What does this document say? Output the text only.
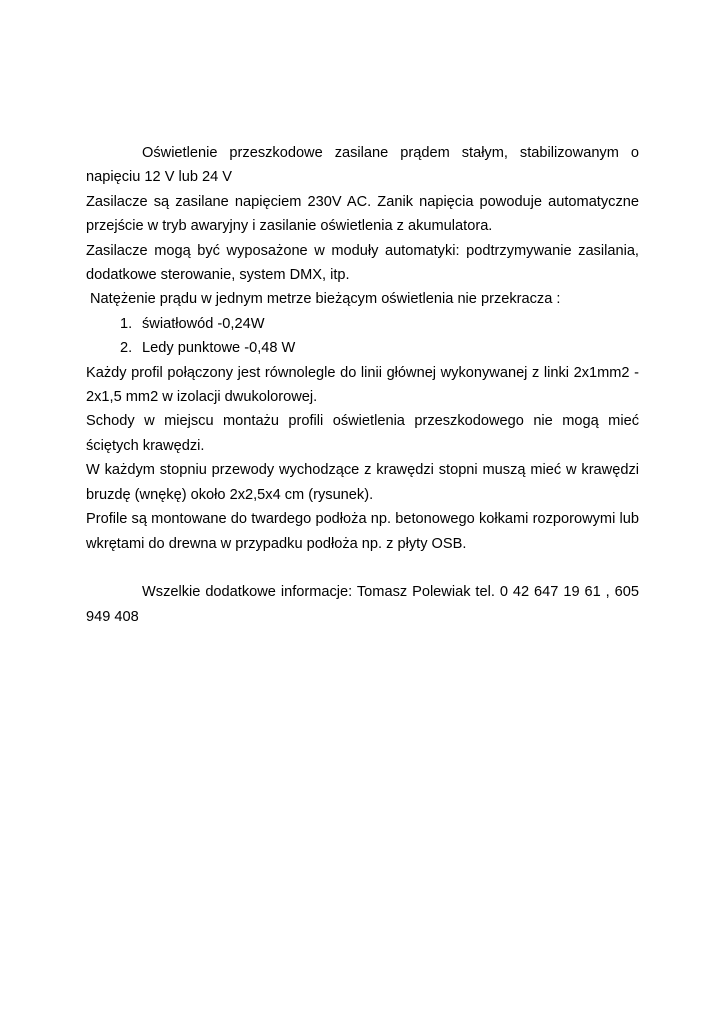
Oświetlenie przeszkodowe zasilane prądem stałym, stabilizowanym o napięciu 12 V lub 24 V

Zasilacze są zasilane napięciem 230V AC. Zanik napięcia powoduje automatyczne przejście w tryb awaryjny i zasilanie oświetlenia z akumulatora.

Zasilacze mogą być wyposażone w moduły automatyki: podtrzymywanie zasilania, dodatkowe sterowanie, system DMX, itp.

Natężenie prądu w jednym metrze bieżącym oświetlenia nie przekracza :

1. światłowód -0,24W
2. Ledy punktowe -0,48 W

Każdy profil połączony jest równolegle do linii głównej wykonywanej z linki 2x1mm2 - 2x1,5 mm2 w izolacji dwukolorowej.

Schody w miejscu montażu profili oświetlenia przeszkodowego nie mogą mieć ściętych krawędzi.

W każdym stopniu przewody wychodzące z krawędzi stopni muszą mieć w krawędzi bruzdę (wnękę) około 2x2,5x4 cm (rysunek).

Profile są montowane do twardego podłoża np. betonowego kołkami rozporowymi lub wkrętami do drewna w przypadku podłoża np. z płyty OSB.

Wszelkie dodatkowe informacje: Tomasz Polewiak tel. 0 42 647 19 61 , 605 949 408
